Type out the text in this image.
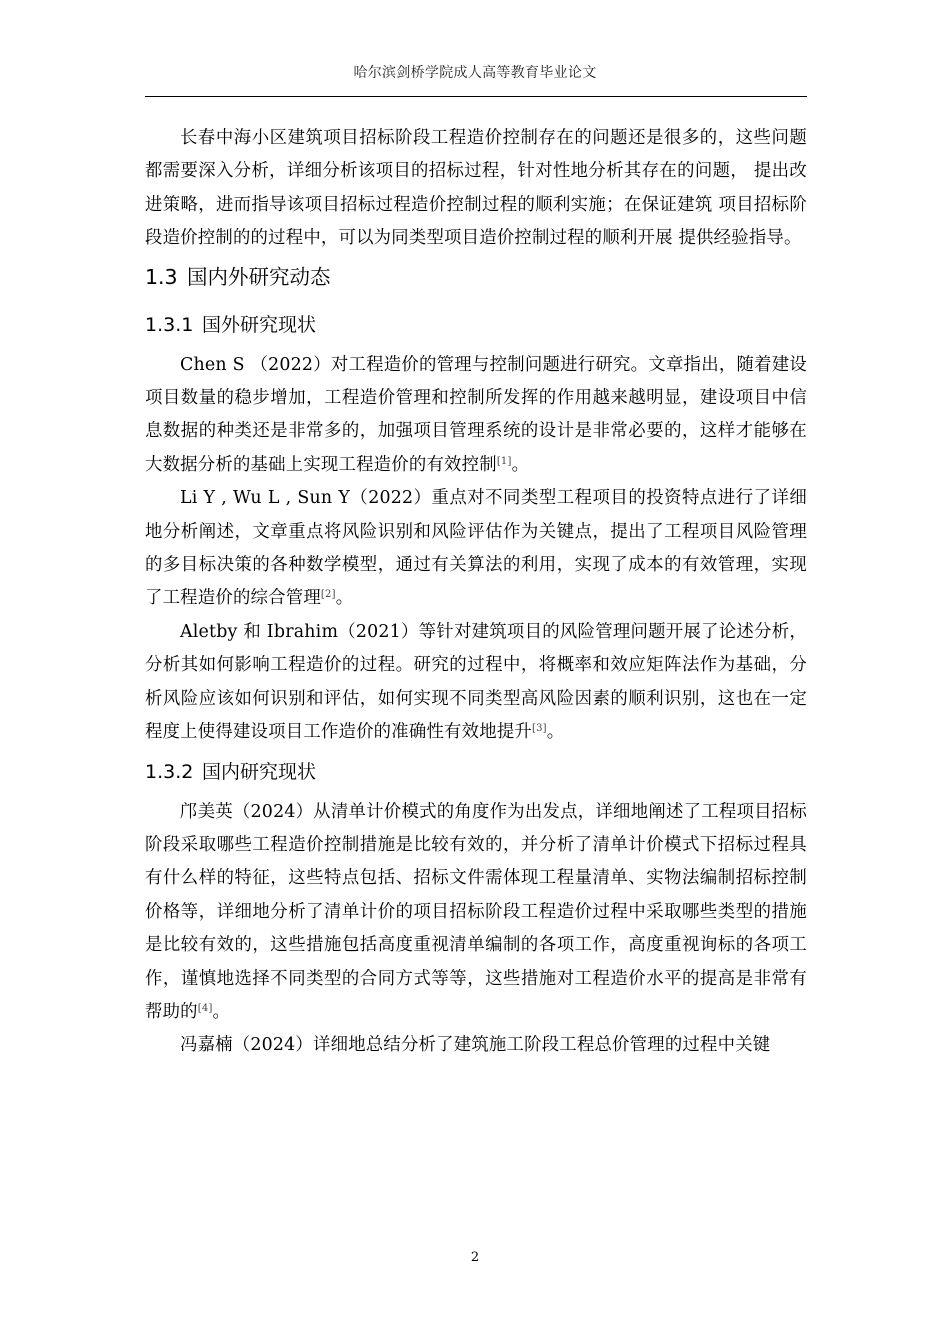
哈尔滨剑桥学院成人高等教育毕业论文

长春中海小区建筑项目招标阶段工程造价控制存在的问题还是很多的，这些问题都需要深入分析，详细分析该项目的招标过程，针对性地分析其存在的问题， 提出改进策略，进而指导该项目招标过程造价控制过程的顺利实施；在保证建筑 项目招标阶段造价控制的的过程中，可以为同类型项目造价控制过程的顺利开展 提供经验指导。

1.3 国内外研究动态
1.3.1 国外研究现状

Chen S （2022）对工程造价的管理与控制问题进行研究。文章指出，随着建设项目数量的稳步增加，工程造价管理和控制所发挥的作用越来越明显，建设项目中信息数据的种类还是非常多的，加强项目管理系统的设计是非常必要的，这样才能够在大数据分析的基础上实现工程造价的有效控制[1]。

Li Y , Wu L , Sun Y（2022）重点对不同类型工程项目的投资特点进行了详细地分析阐述，文章重点将风险识别和风险评估作为关键点，提出了工程项目风险管理的多目标决策的各种数学模型，通过有关算法的利用，实现了成本的有效管理，实现了工程造价的综合管理[2]。

Aletby 和 Ibrahim（2021）等针对建筑项目的风险管理问题开展了论述分析，分析其如何影响工程造价的过程。研究的过程中，将概率和效应矩阵法作为基础，分析风险应该如何识别和评估，如何实现不同类型高风险因素的顺利识别，这也在一定程度上使得建设项目工作造价的准确性有效地提升[3]。

1.3.2 国内研究现状

邝美英（2024）从清单计价模式的角度作为出发点，详细地阐述了工程项目招标阶段采取哪些工程造价控制措施是比较有效的，并分析了清单计价模式下招标过程具有什么样的特征，这些特点包括、招标文件需体现工程量清单、实物法编制招标控制价格等，详细地分析了清单计价的项目招标阶段工程造价过程中采取哪些类型的措施是比较有效的，这些措施包括高度重视清单编制的各项工作，高度重视询标的各项工作，谨慎地选择不同类型的合同方式等等，这些措施对工程造价水平的提高是非常有帮助的[4]。

冯嘉楠（2024）详细地总结分析了建筑施工阶段工程总价管理的过程中关键

2
